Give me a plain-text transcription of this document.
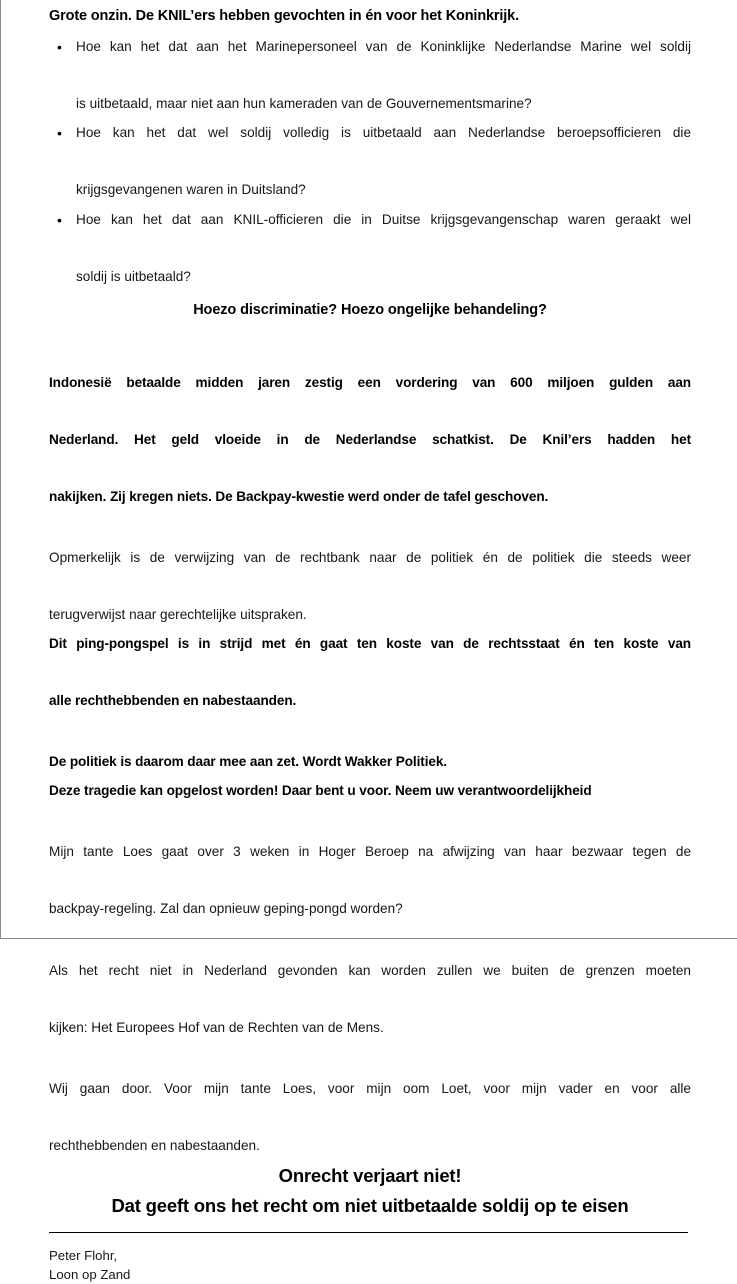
Grote onzin. De KNIL’ers hebben gevochten in én voor het Koninkrijk.
• Hoe kan het dat aan het Marinepersoneel van de Koninklijke Nederlandse Marine wel soldij
is uitbetaald, maar niet aan hun kameraden van de Gouvernementsmarine?
• Hoe kan het dat wel soldij volledig is uitbetaald aan Nederlandse beroepsofficieren die
krijgsgevangenen waren in Duitsland?
• Hoe kan het dat aan KNIL-officieren die in Duitse krijgsgevangenschap waren geraakt wel
soldij is uitbetaald?

Hoezo discriminatie? Hoezo ongelijke behandeling?

Indonesië betaalde midden jaren zestig een vordering van 600 miljoen gulden aan
Nederland. Het geld vloeide in de Nederlandse schatkist. De Knil’ers hadden het
nakijken. Zij kregen niets. De Backpay-kwestie werd onder de tafel geschoven.

Opmerkelijk is de verwijzing van de rechtbank naar de politiek én de politiek die steeds weer
terugverwijst naar gerechtelijke uitspraken.

Dit ping-pongspel is in strijd met én gaat ten koste van de rechtsstaat én ten koste van
alle rechthebbenden en nabestaanden.

De politiek is daarom daar mee aan zet. Wordt Wakker Politiek.
Deze tragedie kan opgelost worden! Daar bent u voor. Neem uw verantwoordelijkheid

Mijn tante Loes gaat over 3 weken in Hoger Beroep na afwijzing van haar bezwaar tegen de
backpay-regeling. Zal dan opnieuw geping-pongd worden?

Als het recht niet in Nederland gevonden kan worden zullen we buiten de grenzen moeten
kijken: Het Europees Hof van de Rechten van de Mens.

Wij gaan door. Voor mijn tante Loes, voor mijn oom Loet, voor mijn vader en voor alle
rechthebbenden en nabestaanden.

Onrecht verjaart niet!

Dat geeft ons het recht om niet uitbetaalde soldij op te eisen

Peter Flohr,
Loon op Zand
